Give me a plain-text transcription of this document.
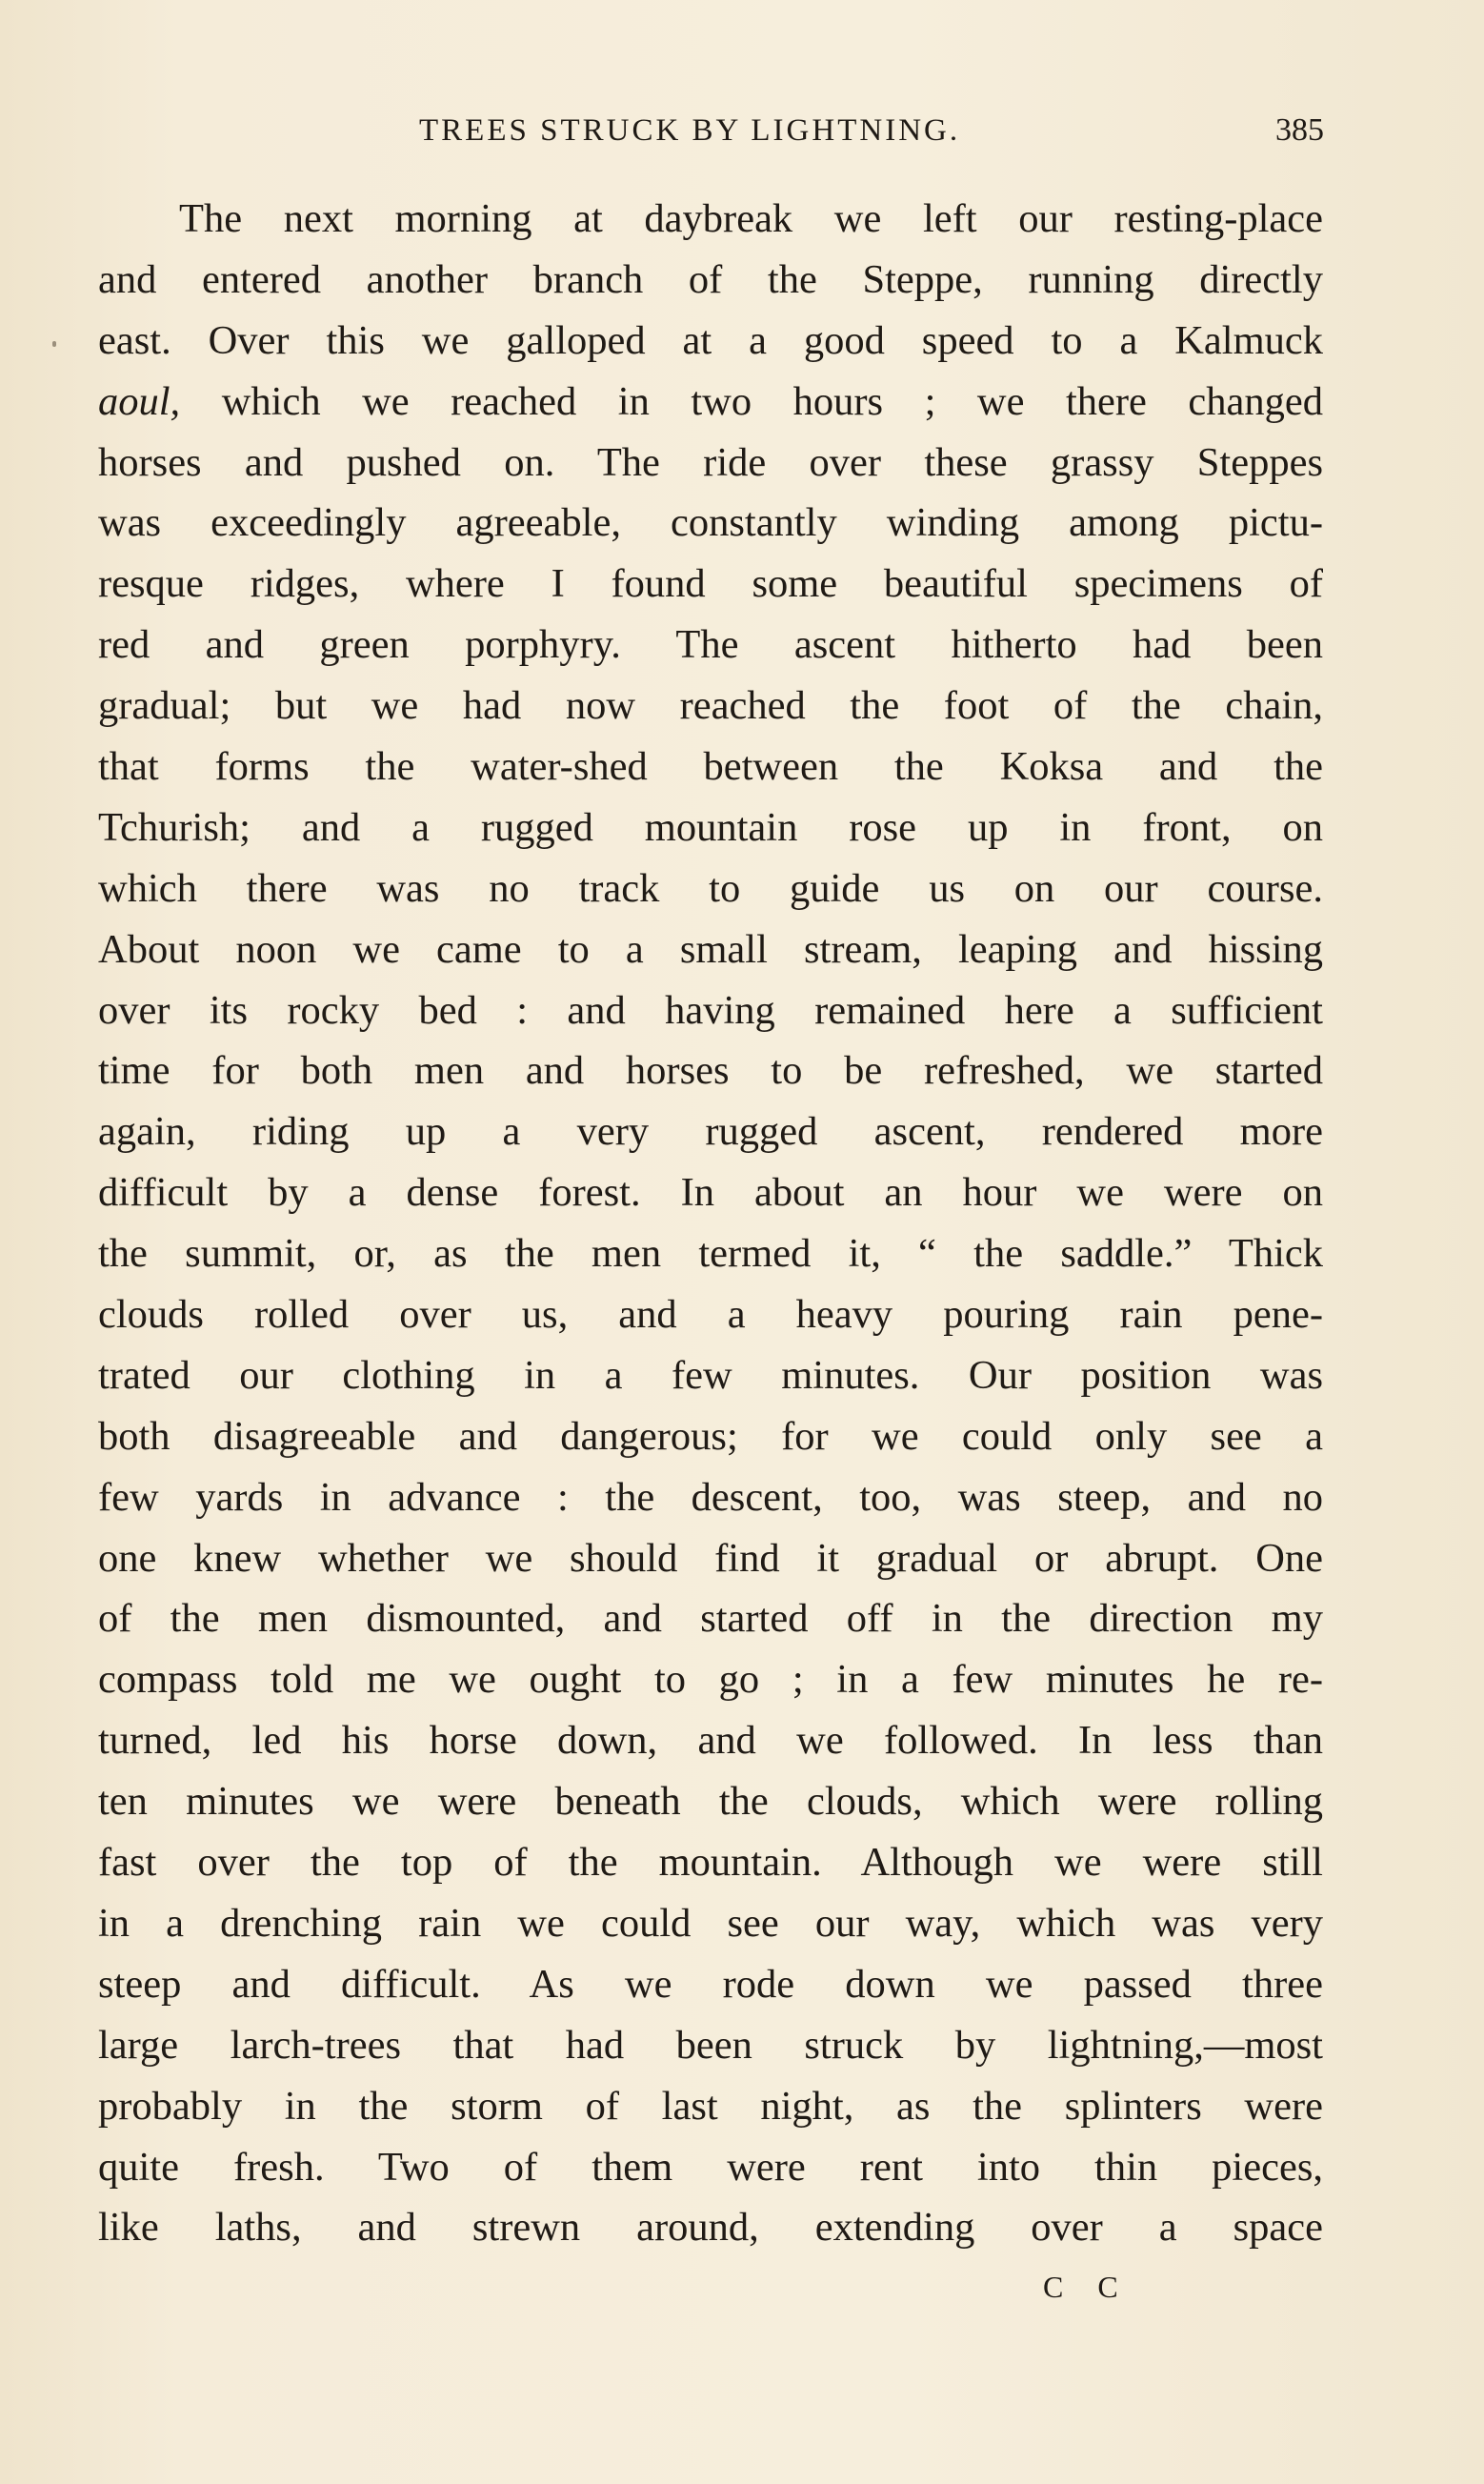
TREES STRUCK BY LIGHTNING.	385
The next morning at daybreak we left our resting-place
and entered another branch of the Steppe, running directly
east. Over this we galloped at a good speed to a Kalmuck
aoul, which we reached in two hours ; we there changed
horses and pushed on. The ride over these grassy Steppes
was exceedingly agreeable, constantly winding among pictu-
resque ridges, where I found some beautiful specimens of
red and green porphyry. The ascent hitherto had been
gradual; but we had now reached the foot of the chain,
that forms the water-shed between the Koksa and the
Tchurish; and a rugged mountain rose up in front, on
which there was no track to guide us on our course.
About noon we came to a small stream, leaping and hissing
over its rocky bed : and having remained here a sufficient
time for both men and horses to be refreshed, we started
again, riding up a very rugged ascent, rendered more
difficult by a dense forest. In about an hour we were on
the summit, or, as the men termed it, “ the saddle.” Thick
clouds rolled over us, and a heavy pouring rain pene-
trated our clothing in a few minutes. Our position was
both disagreeable and dangerous; for we could only see a
few yards in advance : the descent, too, was steep, and no
one knew whether we should find it gradual or abrupt. One
of the men dismounted, and started off in the direction my
compass told me we ought to go ; in a few minutes he re-
turned, led his horse down, and we followed. In less than
ten minutes we were beneath the clouds, which were rolling
fast over the top of the mountain. Although we were still
in a drenching rain we could see our way, which was very
steep and difficult. As we rode down we passed three
large larch-trees that had been struck by lightning,—most
probably in the storm of last night, as the splinters were
quite fresh. Two of them were rent into thin pieces,
like laths, and strewn around, extending over a space
C C
